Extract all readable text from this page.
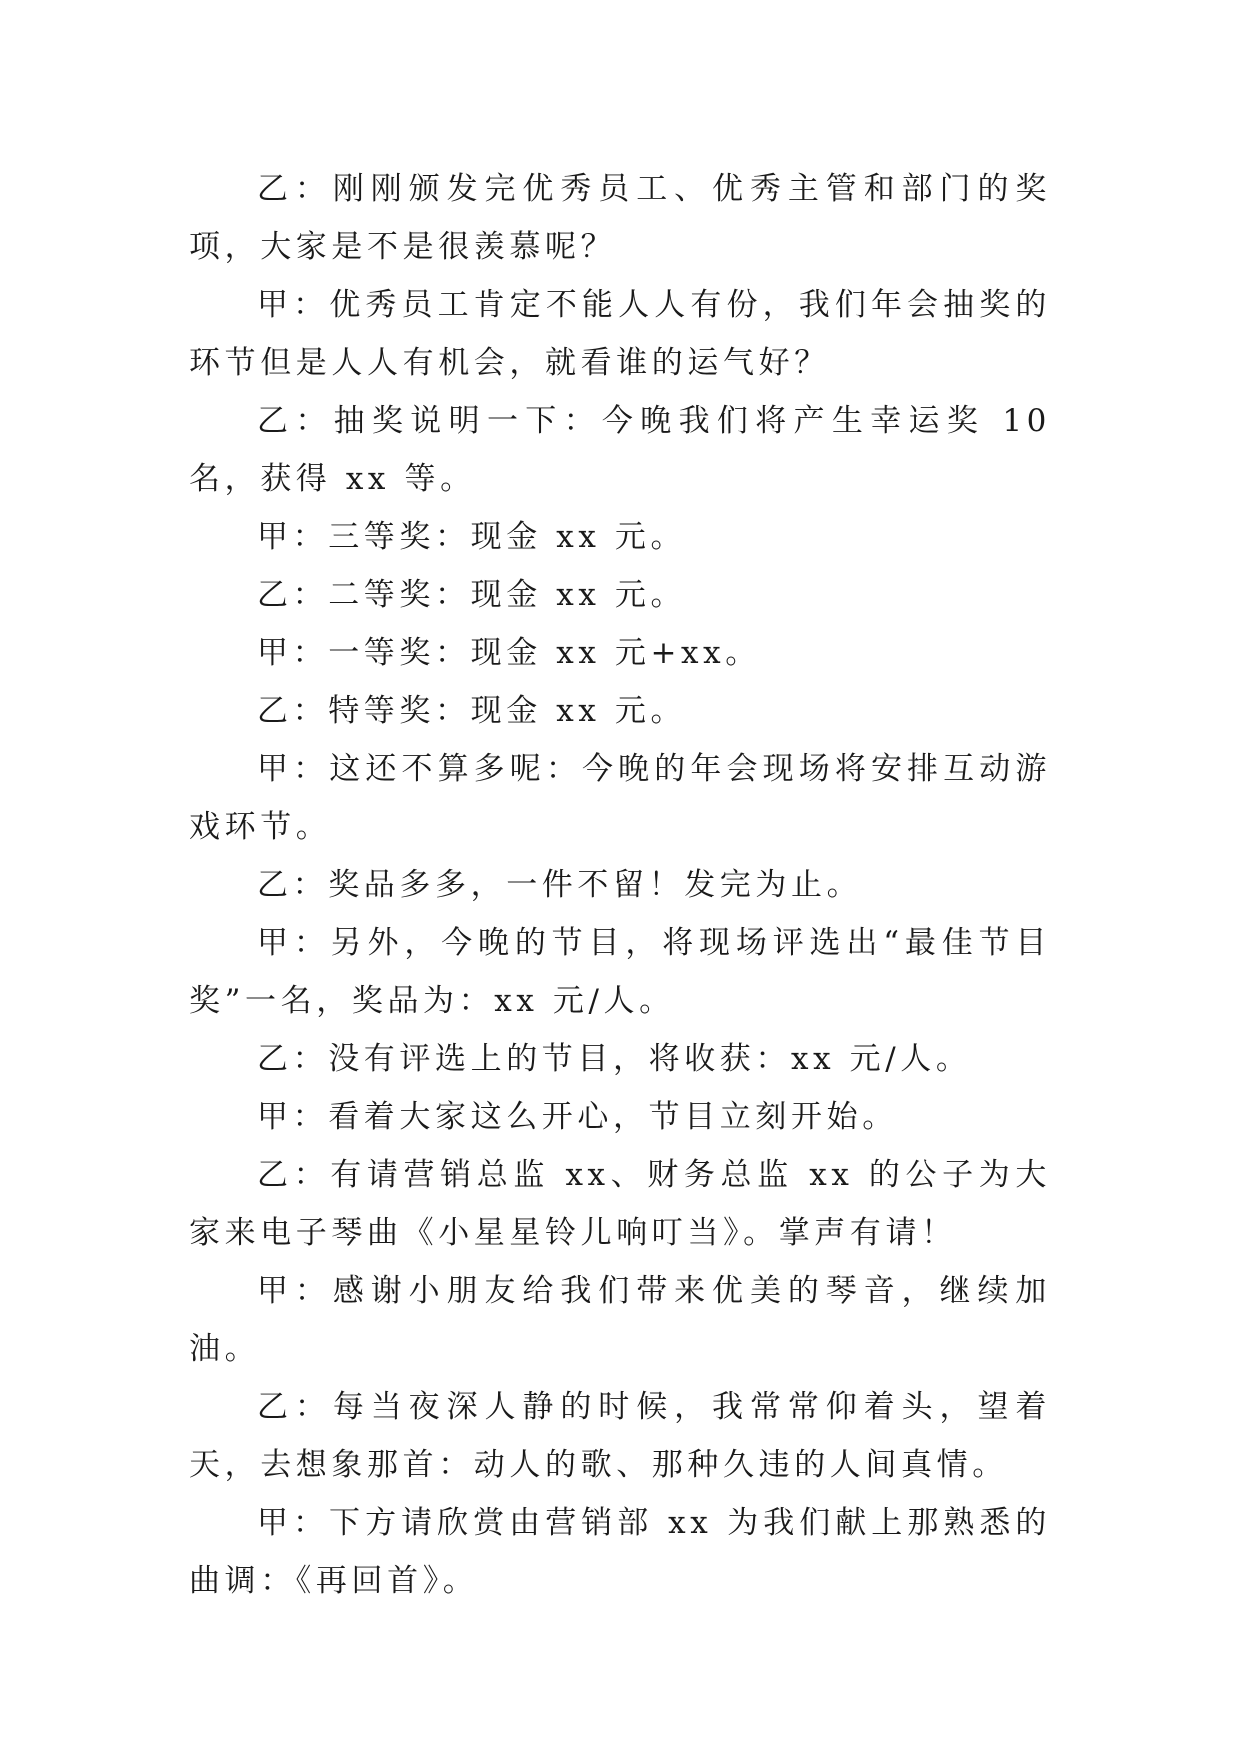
乙：刚刚颁发完优秀员工、优秀主管和部门的奖项，大家是不是很羡慕呢？

甲：优秀员工肯定不能人人有份，我们年会抽奖的环节但是人人有机会，就看谁的运气好？

乙：抽奖说明一下：今晚我们将产生幸运奖 10 名，获得 xx 等。

甲：三等奖：现金 xx 元。

乙：二等奖：现金 xx 元。

甲：一等奖：现金 xx 元+xx。

乙：特等奖：现金 xx 元。

甲：这还不算多呢：今晚的年会现场将安排互动游戏环节。

乙：奖品多多，一件不留！发完为止。

甲：另外，今晚的节目，将现场评选出“最佳节目奖”一名，奖品为：xx 元/人。

乙：没有评选上的节目，将收获：xx 元/人。

甲：看着大家这么开心，节目立刻开始。

乙：有请营销总监 xx、财务总监 xx 的公子为大家来电子琴曲《小星星铃儿响叮当》。掌声有请！

甲：感谢小朋友给我们带来优美的琴音，继续加油。

乙：每当夜深人静的时候，我常常仰着头，望着天，去想象那首：动人的歌、那种久违的人间真情。

甲：下方请欣赏由营销部 xx 为我们献上那熟悉的曲调：《再回首》。
